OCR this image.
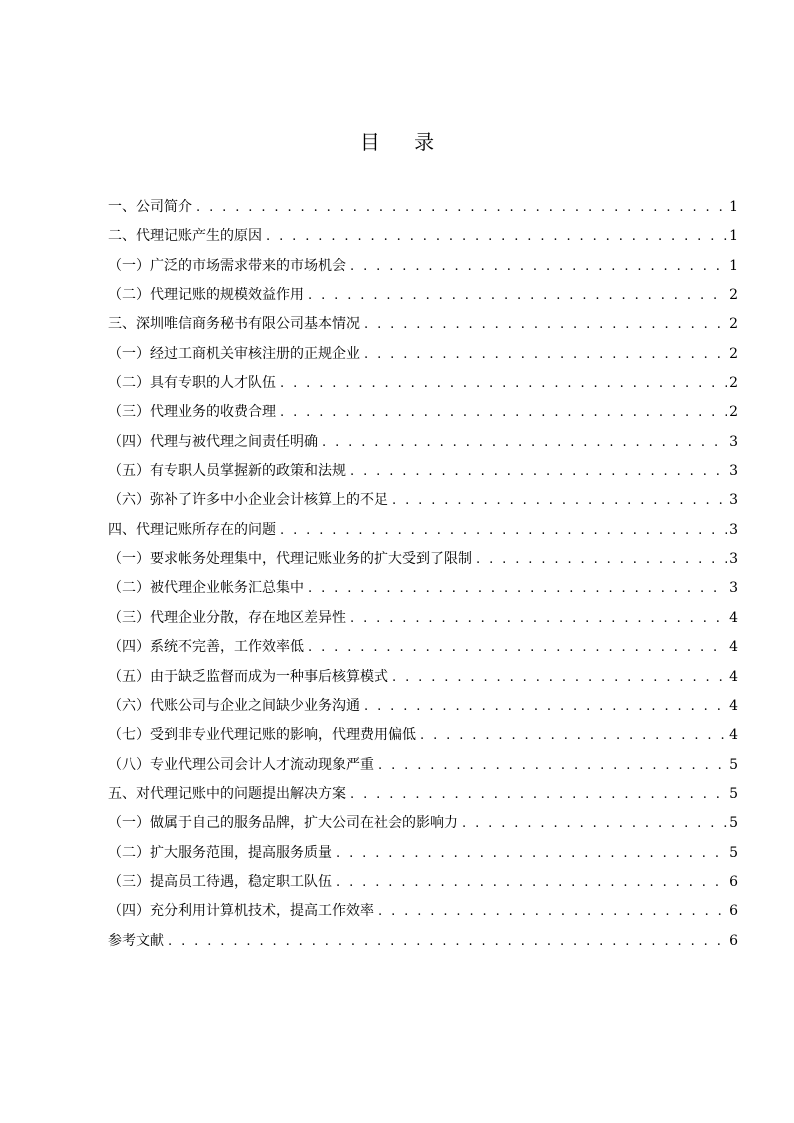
目 录
一、公司简介 . . .	1
二、代理记账产生的原因 . . .	1
（一）广泛的市场需求带来的市场机会 . . .	1
（二）代理记账的规模效益作用 . . .	2
三、深圳唯信商务秘书有限公司基本情况 . . .	2
（一）经过工商机关审核注册的正规企业 . . .	2
（二）具有专职的人才队伍 . . .	2
（三）代理业务的收费合理 . . .	2
（四）代理与被代理之间责任明确 . . .	3
（五）有专职人员掌握新的政策和法规 . . .	3
（六）弥补了许多中小企业会计核算上的不足 . . .	3
四、代理记账所存在的问题 . . .	3
（一）要求帐务处理集中，代理记账业务的扩大受到了限制 . . .	3
（二）被代理企业帐务汇总集中 . . .	3
（三）代理企业分散，存在地区差异性 . . .	4
（四）系统不完善，工作效率低 . . .	4
（五）由于缺乏监督而成为一种事后核算模式 . . .	4
（六）代账公司与企业之间缺少业务沟通 . . .	4
（七）受到非专业代理记账的影响，代理费用偏低 . . .	4
（八）专业代理公司会计人才流动现象严重 . . .	5
五、对代理记账中的问题提出解决方案 . . .	5
（一）做属于自己的服务品牌，扩大公司在社会的影响力 . . .	5
（二）扩大服务范围，提高服务质量 . . .	5
（三）提高员工待遇，稳定职工队伍 . . .	6
（四）充分利用计算机技术，提高工作效率 . . .	6
参考文献 . . .	6
